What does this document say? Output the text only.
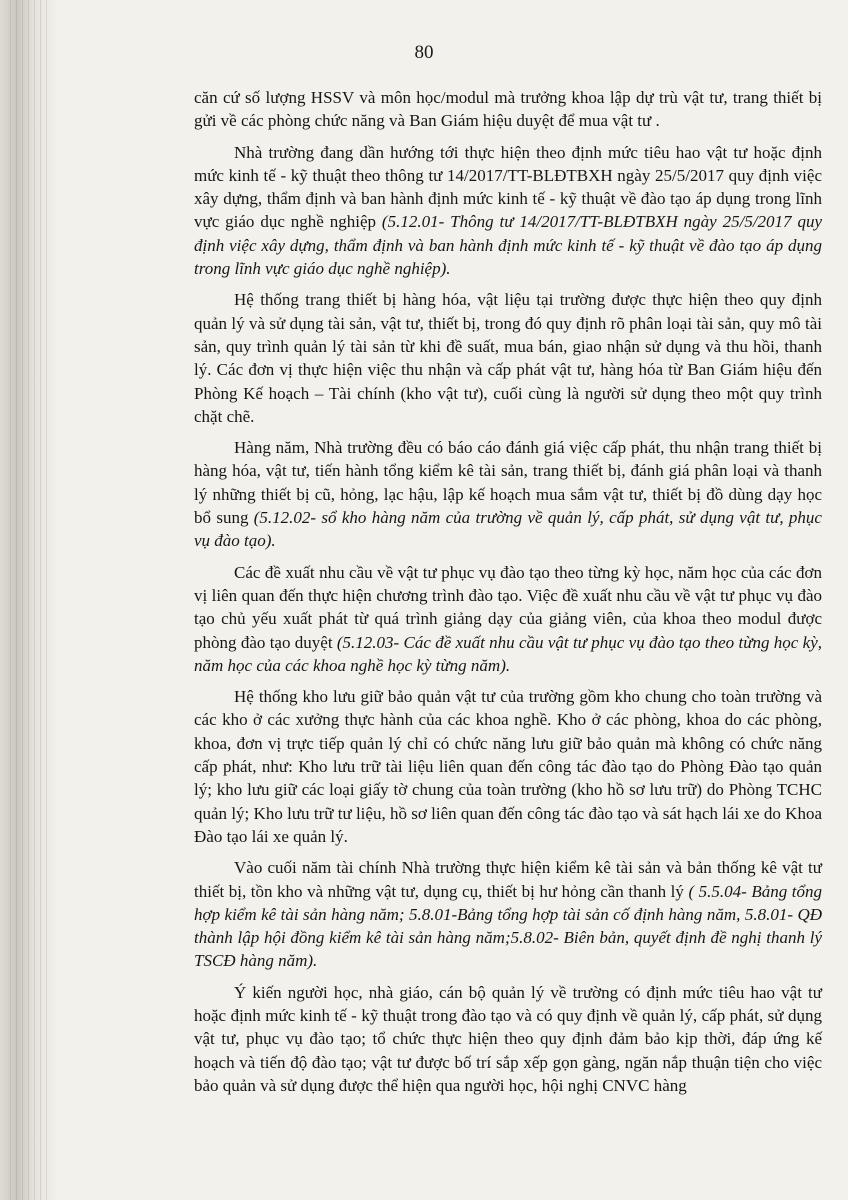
80

căn cứ số lượng HSSV và môn học/modul mà trưởng khoa lập dự trù vật tư, trang thiết bị gửi về các phòng chức năng và Ban Giám hiệu duyệt để mua vật tư .

Nhà trường đang dần hướng tới thực hiện theo định mức tiêu hao vật tư hoặc định mức kinh tế - kỹ thuật theo thông tư 14/2017/TT-BLĐTBXH ngày 25/5/2017 quy định việc xây dựng, thẩm định và ban hành định mức kinh tế - kỹ thuật về đào tạo áp dụng trong lĩnh vực giáo dục nghề nghiệp (5.12.01- Thông tư 14/2017/TT-BLĐTBXH ngày 25/5/2017 quy định việc xây dựng, thẩm định và ban hành định mức kinh tế - kỹ thuật về đào tạo áp dụng trong lĩnh vực giáo dục nghề nghiệp).

Hệ thống trang thiết bị hàng hóa, vật liệu tại trường được thực hiện theo quy định quản lý và sử dụng tài sản, vật tư, thiết bị, trong đó quy định rõ phân loại tài sản, quy mô tài sản, quy trình quản lý tài sản từ khi đề suất, mua bán, giao nhận sử dụng và thu hồi, thanh lý. Các đơn vị thực hiện việc thu nhận và cấp phát vật tư, hàng hóa từ Ban Giám hiệu đến Phòng Kế hoạch – Tài chính (kho vật tư), cuối cùng là người sử dụng theo một quy trình chặt chẽ.

Hàng năm, Nhà trường đều có báo cáo đánh giá việc cấp phát, thu nhận trang thiết bị hàng hóa, vật tư, tiến hành tổng kiểm kê tài sản, trang thiết bị, đánh giá phân loại và thanh lý những thiết bị cũ, hỏng, lạc hậu, lập kế hoạch mua sắm vật tư, thiết bị đồ dùng dạy học bổ sung (5.12.02- sổ kho hàng năm của trường về quản lý, cấp phát, sử dụng vật tư, phục vụ đào tạo).

Các đề xuất nhu cầu về vật tư phục vụ đào tạo theo từng kỳ học, năm học của các đơn vị liên quan đến thực hiện chương trình đào tạo. Việc đề xuất nhu cầu về vật tư phục vụ đào tạo chủ yếu xuất phát từ quá trình giảng dạy của giảng viên, của khoa theo modul được phòng đào tạo duyệt (5.12.03- Các đề xuất nhu cầu vật tư phục vụ đào tạo theo từng học kỳ, năm học của các khoa nghề học kỳ từng năm).

Hệ thống kho lưu giữ bảo quản vật tư của trường gồm kho chung cho toàn trường và các kho ở các xưởng thực hành của các khoa nghề. Kho ở các phòng, khoa do các phòng, khoa, đơn vị trực tiếp quản lý chỉ có chức năng lưu giữ bảo quản mà không có chức năng cấp phát, như: Kho lưu trữ tài liệu liên quan đến công tác đào tạo do Phòng Đào tạo quản lý; kho lưu giữ các loại giấy tờ chung của toàn trường (kho hồ sơ lưu trữ) do Phòng TCHC quản lý; Kho lưu trữ tư liệu, hồ sơ liên quan đến công tác đào tạo và sát hạch lái xe do Khoa Đào tạo lái xe quản lý.

Vào cuối năm tài chính Nhà trường thực hiện kiểm kê tài sản và bản thống kê vật tư thiết bị, tồn kho và những vật tư, dụng cụ, thiết bị hư hỏng cần thanh lý ( 5.5.04- Bảng tổng hợp kiểm kê tài sản hàng năm; 5.8.01-Bảng tổng hợp tài sản cố định hàng năm, 5.8.01- QĐ thành lập hội đồng kiểm kê tài sản hàng năm;5.8.02- Biên bản, quyết định đề nghị thanh lý TSCĐ hàng năm).

Ý kiến người học, nhà giáo, cán bộ quản lý về trường có định mức tiêu hao vật tư hoặc định mức kinh tế - kỹ thuật trong đào tạo và có quy định về quản lý, cấp phát, sử dụng vật tư, phục vụ đào tạo; tổ chức thực hiện theo quy định đảm bảo kịp thời, đáp ứng kế hoạch và tiến độ đào tạo; vật tư được bố trí sắp xếp gọn gàng, ngăn nắp thuận tiện cho việc bảo quản và sử dụng được thể hiện qua người học, hội nghị CNVC hàng
